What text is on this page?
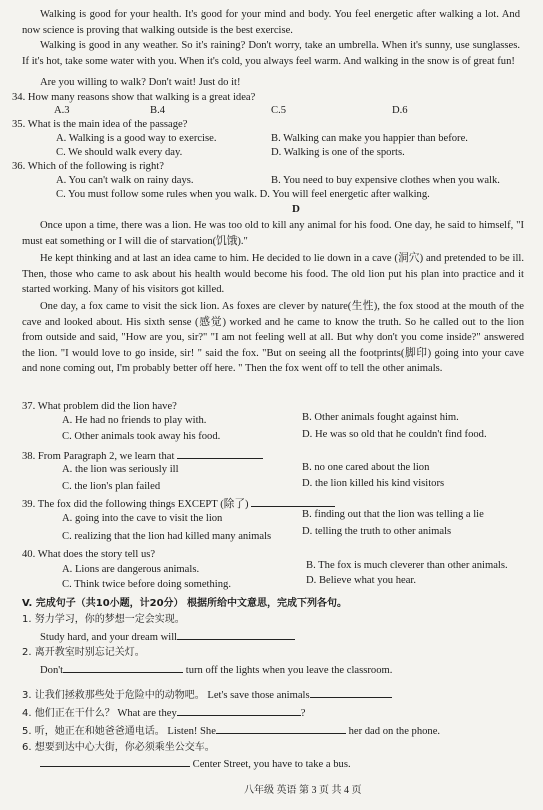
Walking is good for your health. It's good for your mind and body. You feel energetic after walking a lot. And now science is proving that walking outside is the best exercise.
Walking is good in any weather. So it's raining? Don't worry, take an umbrella. When it's sunny, use sunglasses. If it's hot, take some water with you. When it's cold, you always feel warm. And walking in the snow is of great fun!
Are you willing to walk? Don't wait! Just do it!
34. How many reasons show that walking is a great idea?
A.3	B.4	C.5	D.6
35. What is the main idea of the passage?
A. Walking is a good way to exercise.	B. Walking can make you happier than before.
C. We should walk every day.	D. Walking is one of the sports.
36. Which of the following is right?
A. You can't walk on rainy days.	B. You need to buy expensive clothes when you walk.
C. You must follow some rules when you walk. D. You will feel energetic after walking.
D
Once upon a time, there was a lion. He was too old to kill any animal for his food. One day, he said to himself, "I must eat something or I will die of starvation(饥饿)."
He kept thinking and at last an idea came to him. He decided to lie down in a cave (洞穴) and pretended to be ill. Then, those who came to ask about his health would become his food. The old lion put his plan into practice and it started working. Many of his visitors got killed.
One day, a fox came to visit the sick lion. As foxes are clever by nature(生性), the fox stood at the mouth of the cave and looked about. His sixth sense (感觉) worked and he came to know the truth. So he called out to the lion from outside and said, "How are you, sir?" "I am not feeling well at all. But why don't you come inside?" answered the lion. "I would love to go inside, sir! " said the fox. "But on seeing all the footprints(脚印) going into your cave and none coming out, I'm probably better off here. " Then the fox went off to tell the other animals.
37. What problem did the lion have?
A. He had no friends to play with.	B. Other animals fought against him.
C. Other animals took away his food.	D. He was so old that he couldn't find food.
38. From Paragraph 2, we learn that
A. the lion was seriously ill	B. no one cared about the lion
C. the lion's plan failed	D. the lion killed his kind visitors
39. The fox did the following things EXCEPT (除了)
A. going into the cave to visit the lion	B. finding out that the lion was telling a lie
C. realizing that the lion had killed many animals	D. telling the truth to other animals
40. What does the story tell us?
A. Lions are dangerous animals.	B. The fox is much cleverer than other animals.
C. Think twice before doing something.	D. Believe what you hear.
V. 完成句子（共10小题，计20分） 根据所给中文意思，完成下列各句。
1. 努力学习，你的梦想一定会实现。
Study hard, and your dream will
2. 离开教室时别忘记关灯。
Don't	turn off the lights when you leave the classroom.
3. 让我们拯救那些处于危险中的动物吧。 Let's save those animals
4. 他们正在干什么？ What are they	?
5. 听，她正在和她爸爸通电话。 Listen! She	her dad on the phone.
6. 想要到达中心大街，你必须乘坐公交车。
Center Street, you have to take a bus.
八年级 英语 第 3 页 共 4 页
